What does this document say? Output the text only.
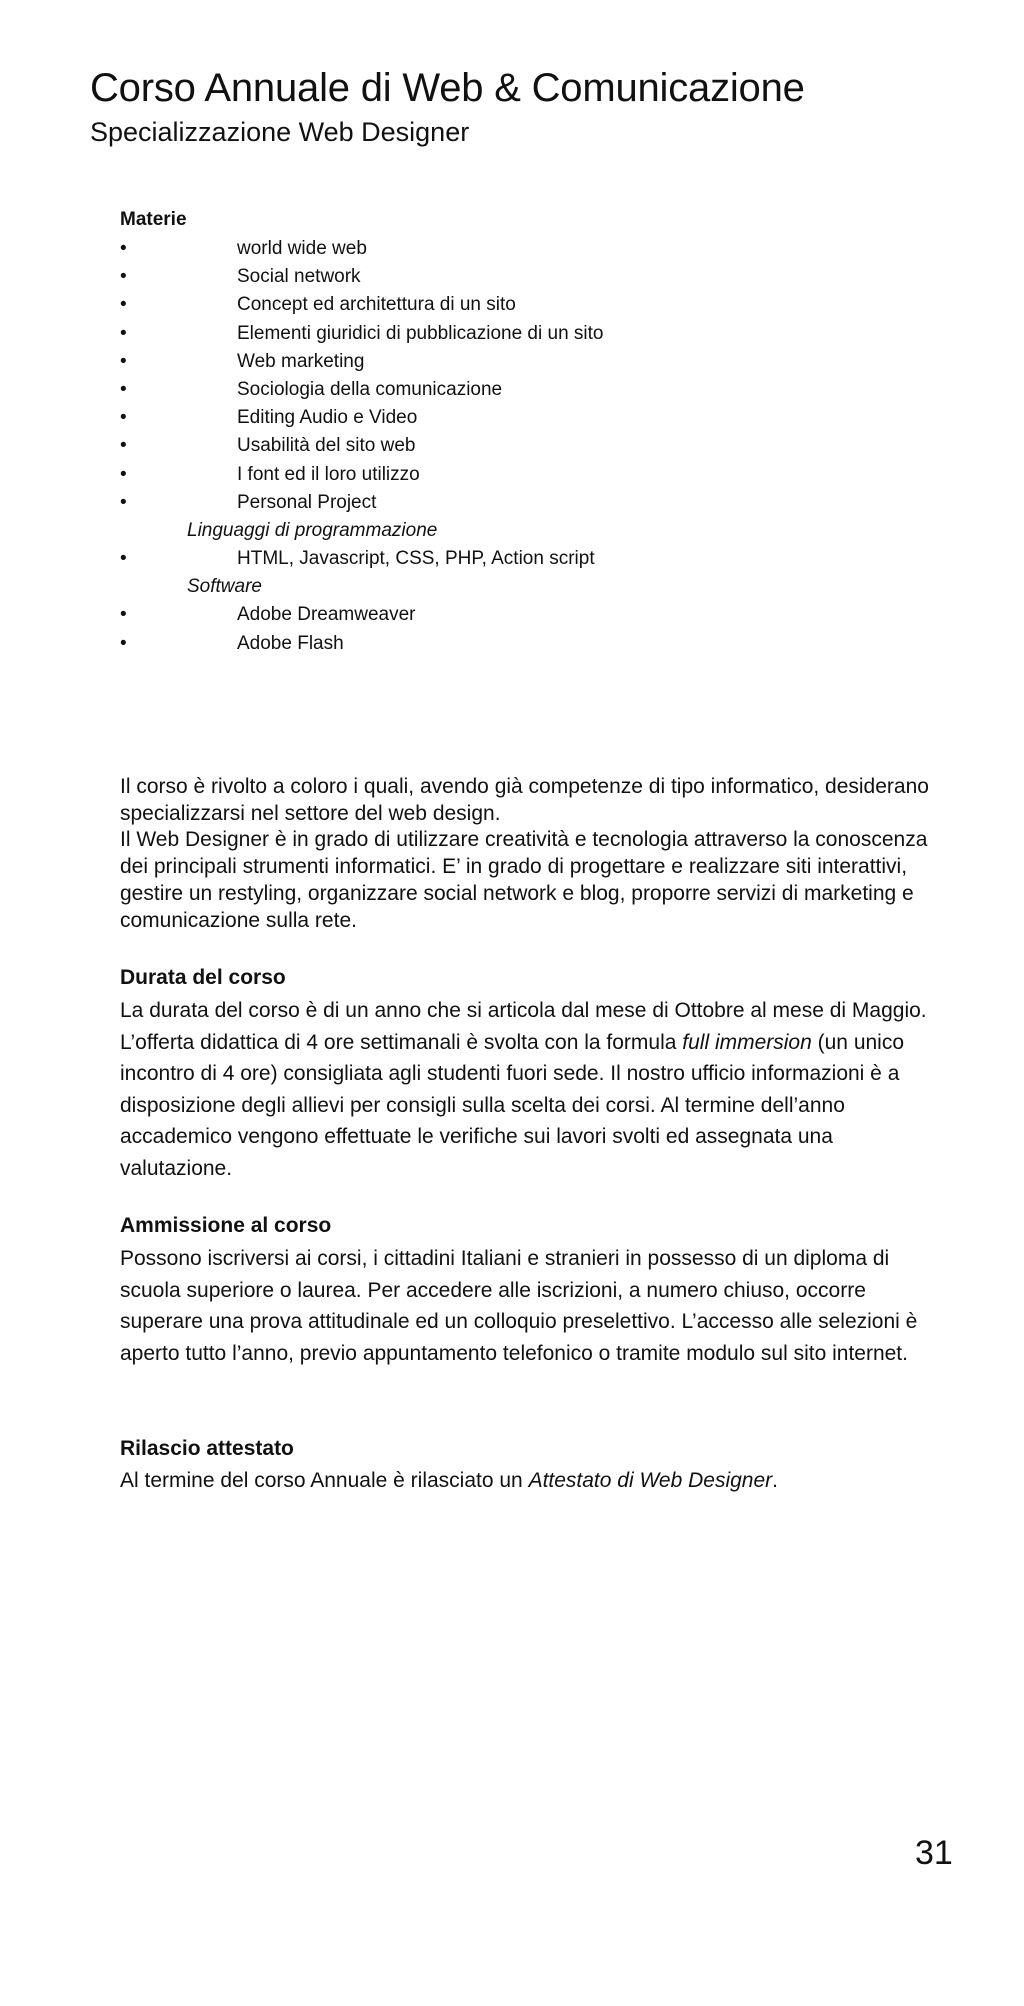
Corso Annuale di Web & Comunicazione
Specializzazione Web Designer
Materie
•	world wide web
•	Social network
•	Concept ed architettura di un sito
•	Elementi giuridici di pubblicazione di un sito
•	Web marketing
•	Sociologia della comunicazione
•	Editing Audio e Video
•	Usabilità del sito web
•	I font ed il loro utilizzo
•	Personal Project
Linguaggi di programmazione
•	HTML, Javascript, CSS, PHP, Action script
Software
•	Adobe Dreamweaver
•	Adobe Flash

Il corso è rivolto a coloro i quali, avendo già competenze di tipo informatico, desiderano specializzarsi nel settore del web design.

Il Web Designer è in grado di utilizzare creatività e tecnologia attraverso la conoscenza dei principali strumenti informatici. E’ in grado di progettare e realizzare siti interattivi, gestire un restyling, organizzare social network e blog, proporre servizi di marketing e comunicazione sulla rete.

Durata del corso

La durata del corso è di un anno che si articola dal mese di Ottobre al mese di Maggio. L’offerta didattica di 4 ore settimanali è svolta con la formula full immersion (un unico incontro di 4 ore) consigliata agli studenti fuori sede. Il nostro ufficio informazioni è a disposizione degli allievi per consigli sulla scelta dei corsi. Al termine dell’anno accademico vengono effettuate le verifiche sui lavori svolti ed assegnata una valutazione.

Ammissione al corso

Possono iscriversi ai corsi, i cittadini Italiani e stranieri in possesso di un diploma di scuola superiore o laurea. Per accedere alle iscrizioni, a numero chiuso, occorre superare una prova attitudinale ed un colloquio preselettivo. L’accesso alle selezioni è aperto tutto l’anno, previo appuntamento telefonico o tramite modulo sul sito internet.

Rilascio attestato

Al termine del corso Annuale è rilasciato un Attestato di Web Designer.

31
